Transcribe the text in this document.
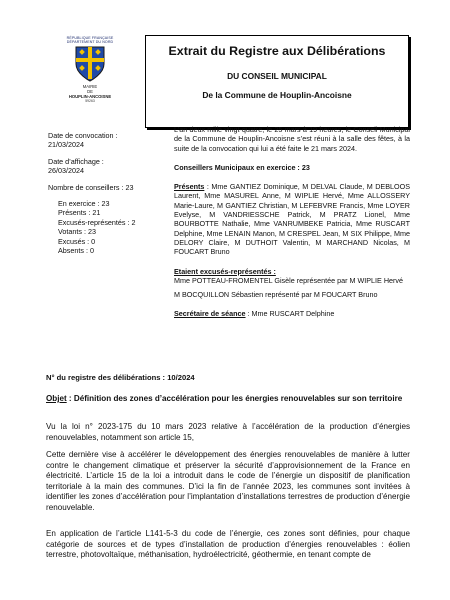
RÉPUBLIQUE FRANÇAISE
DÉPARTEMENT DU NORD
MAIRIE
DE
HOUPLIN-ANCOISNE
59263
Extrait du Registre aux Délibérations
DU CONSEIL MUNICIPAL
De la Commune de Houplin-Ancoisne
Date de convocation :
21/03/2024
Date d’affichage :
26/03/2024
Nombre de conseillers : 23
En exercice : 23
Présents : 21
Excusés-représentés : 2
Votants : 23
Excusés : 0
Absents : 0
L’an deux mille vingt-quatre, le 25 mars à 19 heures, le Conseil Municipal de la Commune de Houplin-Ancoisne s’est réuni à la salle des fêtes, à la suite de la convocation qui lui a été faite le 21 mars 2024.
Conseillers Municipaux en exercice : 23
Présents : Mme GANTIEZ Dominique, M DELVAL Claude, M DEBLOOS Laurent, Mme MASUREL Anne, M WIPLIE Hervé, Mme ALLOSSERY Marie-Laure, M GANTIEZ Christian, M LEFEBVRE Francis, Mme LOYER Evelyse, M VANDRIESSCHE Patrick, M PRATZ Lionel, Mme BOURBOTTE Nathalie, Mme VANRUMBEKE Patricia, Mme RUSCART Delphine, Mme LENAIN Manon, M CRESPEL Jean, M SIX Philippe, Mme DELORY Claire, M DUTHOIT Valentin, M MARCHAND Nicolas, M FOUCART Bruno
Etaient excusés-représentés :
Mme POTTEAU-FROMENTEL Gisèle représentée par M WIPLIE Hervé
M BOCQUILLON Sébastien représenté par M FOUCART Bruno
Secrétaire de séance : Mme RUSCART Delphine
N° du registre des délibérations : 10/2024
Objet : Définition des zones d’accélération pour les énergies renouvelables sur son territoire
Vu la loi n° 2023-175 du 10 mars 2023 relative à l’accélération de la production d’énergies renouvelables, notamment son article 15,
Cette dernière vise à accélérer le développement des énergies renouvelables de manière à lutter contre le changement climatique et préserver la sécurité d’approvisionnement de la France en électricité. L’article 15 de la loi a introduit dans le code de l’énergie un dispositif de planification territoriale à la main des communes. D’ici la fin de l’année 2023, les communes sont invitées à identifier les zones d’accélération pour l’implantation d’installations terrestres de production d’énergie renouvelable.
En application de l’article L141-5-3 du code de l’énergie, ces zones sont définies, pour chaque catégorie de sources et de types d’installation de production d’énergies renouvelables : éolien terrestre, photovoltaïque, méthanisation, hydroélectricité, géothermie, en tenant compte de
